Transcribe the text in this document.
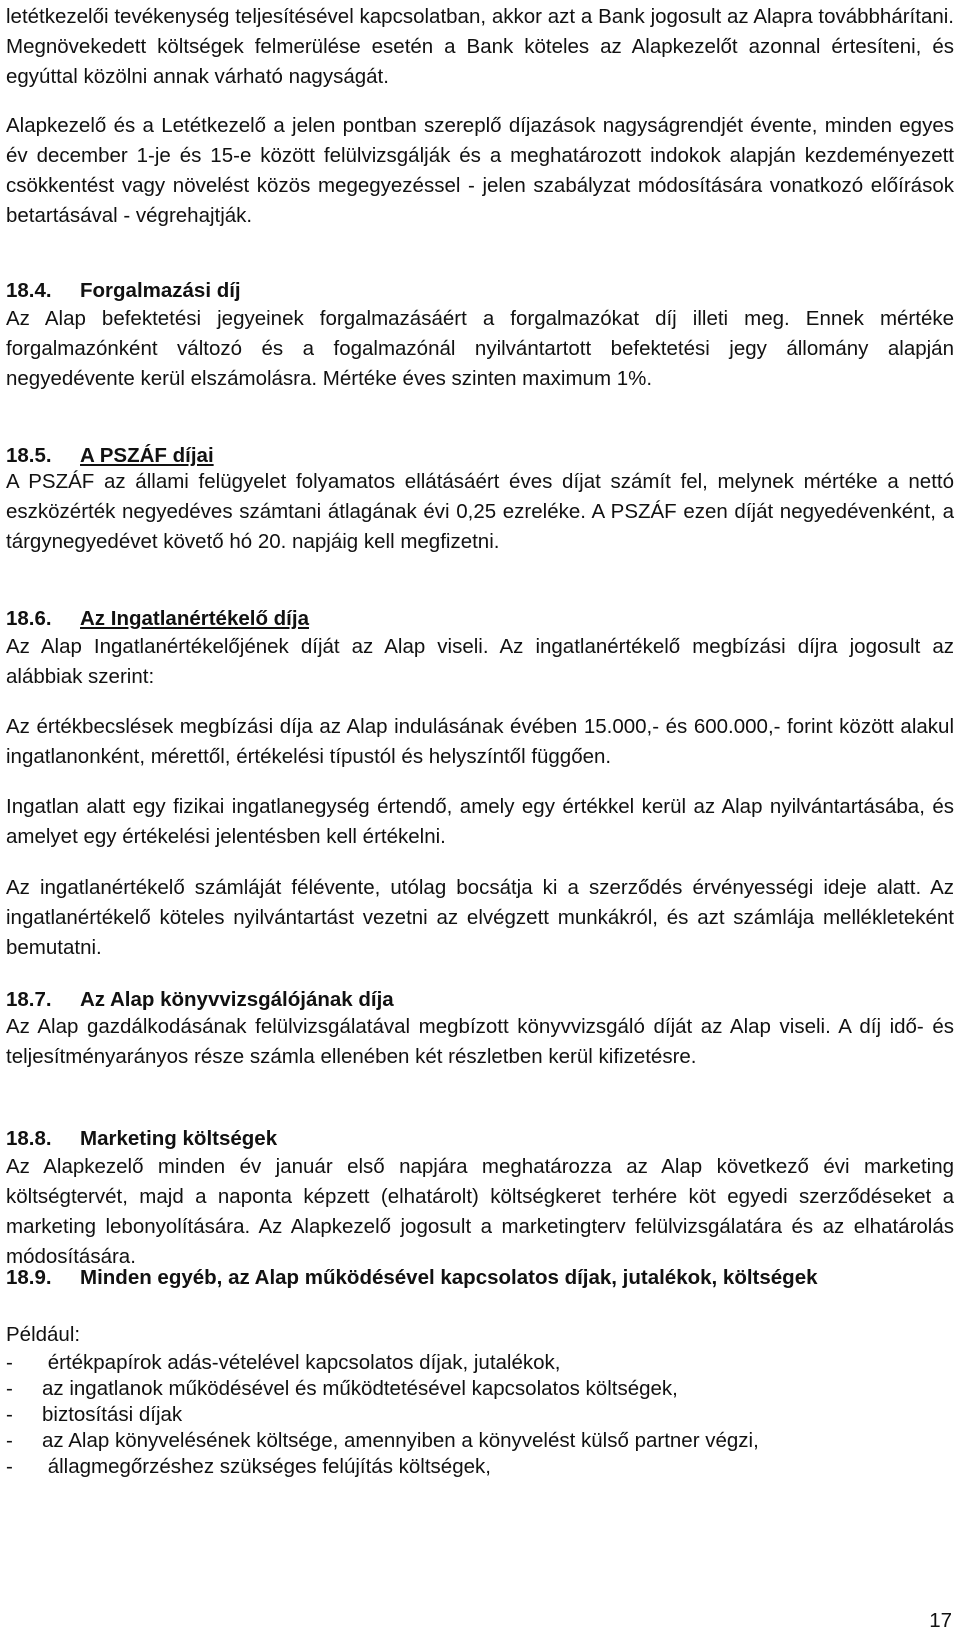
letétkezelői tevékenység teljesítésével kapcsolatban, akkor azt a Bank jogosult az Alapra továbbhárítani. Megnövekedett költségek felmerülése esetén a Bank köteles az Alapkezelőt azonnal értesíteni, és egyúttal közölni annak várható nagyságát.

Alapkezelő és a Letétkezelő a jelen pontban szereplő díjazások nagyságrendjét évente, minden egyes év december 1-je és 15-e között felülvizsgálják és a meghatározott indokok alapján kezdeményezett csökkentést vagy növelést közös megegyezéssel - jelen szabályzat módosítására vonatkozó előírások betartásával - végrehajtják.

18.4. Forgalmazási díj

Az Alap befektetési jegyeinek forgalmazásáért a forgalmazókat díj illeti meg. Ennek mértéke forgalmazónként változó és a fogalmazónál nyilvántartott befektetési jegy állomány alapján negyedévente kerül elszámolásra. Mértéke éves szinten maximum 1%.

18.5. A PSZÁF díjai

A PSZÁF az állami felügyelet folyamatos ellátásáért éves díjat számít fel, melynek mértéke a nettó eszközérték negyedéves számtani átlagának évi 0,25 ezreléke. A PSZÁF ezen díját negyedévenként, a tárgynegyedévet követő hó 20. napjáig kell megfizetni.

18.6. Az Ingatlanértékelő díja

Az Alap Ingatlanértékelőjének díját az Alap viseli. Az ingatlanértékelő megbízási díjra jogosult az alábbiak szerint:

Az értékbecslések megbízási díja az Alap indulásának évében 15.000,- és 600.000,- forint között alakul ingatlanonként, mérettől, értékelési típustól és helyszíntől függően.

Ingatlan alatt egy fizikai ingatlanegység értendő, amely egy értékkel kerül az Alap nyilvántartásába, és amelyet egy értékelési jelentésben kell értékelni.

Az ingatlanértékelő számláját félévente, utólag bocsátja ki a szerződés érvényességi ideje alatt. Az ingatlanértékelő köteles nyilvántartást vezetni az elvégzett munkákról, és azt számlája mellékleteként bemutatni.

18.7. Az Alap könyvvizsgálójának díja

Az Alap gazdálkodásának felülvizsgálatával megbízott könyvvizsgáló díját az Alap viseli. A díj idő- és teljesítményarányos része számla ellenében két részletben kerül kifizetésre.

18.8. Marketing költségek

Az Alapkezelő minden év január első napjára meghatározza az Alap következő évi marketing költségtervét, majd a naponta képzett (elhatárolt) költségkeret terhére köt egyedi szerződéseket a marketing lebonyolítására. Az Alapkezelő jogosult a marketingterv felülvizsgálatára és az elhatárolás módosítására.

18.9. Minden egyéb, az Alap működésével kapcsolatos díjak, jutalékok, költségek

Például:

- értékpapírok adás-vételével kapcsolatos díjak, jutalékok,
- az ingatlanok működésével és működtetésével kapcsolatos költségek,
- biztosítási díjak
- az Alap könyvelésének költsége, amennyiben a könyvelést külső partner végzi,
- állagmegőrzéshez szükséges felújítás költségek,
17
